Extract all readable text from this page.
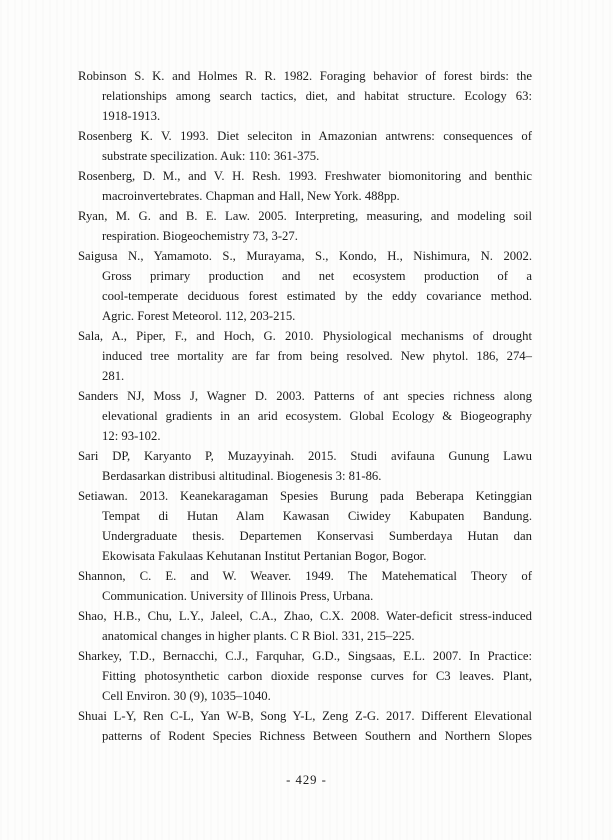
Robinson S. K. and Holmes R. R. 1982. Foraging behavior of forest birds: the
relationships among search tactics, diet, and habitat structure. Ecology 63:
1918-1913.
Rosenberg K. V. 1993. Diet seleciton in Amazonian antwrens: consequences of
substrate specilization. Auk: 110: 361-375.
Rosenberg, D. M., and V. H. Resh. 1993. Freshwater biomonitoring and benthic
macroinvertebrates. Chapman and Hall, New York. 488pp.
Ryan, M. G. and B. E. Law. 2005. Interpreting, measuring, and modeling soil
respiration. Biogeochemistry 73, 3-27.
Saigusa N., Yamamoto. S., Murayama, S., Kondo, H., Nishimura, N. 2002.
Gross primary production and net ecosystem production of a
cool-temperate deciduous forest estimated by the eddy covariance method.
Agric. Forest Meteorol. 112, 203-215.
Sala, A., Piper, F., and Hoch, G. 2010. Physiological mechanisms of drought
induced tree mortality are far from being resolved. New phytol. 186, 274–
281.
Sanders NJ, Moss J, Wagner D. 2003. Patterns of ant species richness along
elevational gradients in an arid ecosystem. Global Ecology & Biogeography
12: 93-102.
Sari DP, Karyanto P, Muzayyinah. 2015. Studi avifauna Gunung Lawu
Berdasarkan distribusi altitudinal. Biogenesis 3: 81-86.
Setiawan. 2013. Keanekaragaman Spesies Burung pada Beberapa Ketinggian
Tempat di Hutan Alam Kawasan Ciwidey Kabupaten Bandung.
Undergraduate thesis. Departemen Konservasi Sumberdaya Hutan dan
Ekowisata Fakulaas Kehutanan Institut Pertanian Bogor, Bogor.
Shannon, C. E. and W. Weaver. 1949. The Matehematical Theory of
Communication. University of Illinois Press, Urbana.
Shao, H.B., Chu, L.Y., Jaleel, C.A., Zhao, C.X. 2008. Water-deficit stress-induced
anatomical changes in higher plants. C R Biol. 331, 215–225.
Sharkey, T.D., Bernacchi, C.J., Farquhar, G.D., Singsaas, E.L. 2007. In Practice:
Fitting photosynthetic carbon dioxide response curves for C3 leaves. Plant,
Cell Environ. 30 (9), 1035–1040.
Shuai L-Y, Ren C-L, Yan W-B, Song Y-L, Zeng Z-G. 2017. Different Elevational
patterns of Rodent Species Richness Between Southern and Northern Slopes
- 429 -
